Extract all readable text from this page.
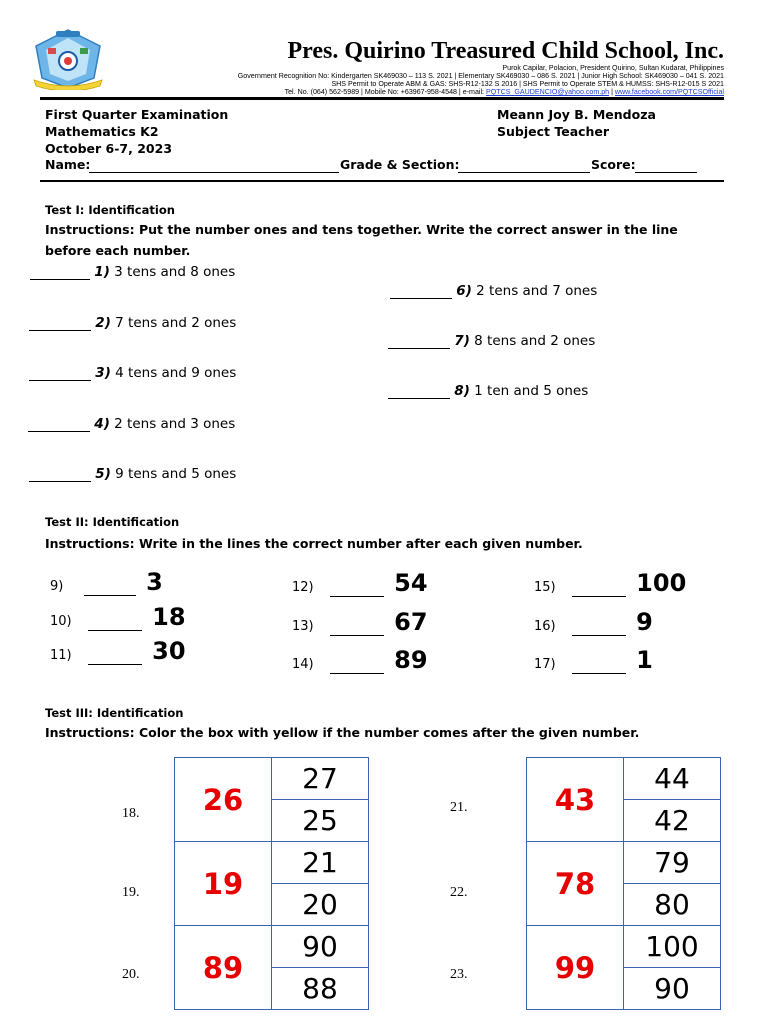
Pres. Quirino Treasured Child School, Inc.
Purok Capilar, Polacion, President Quirino, Sultan Kudarat, Philippines
Government Recognition No: Kindergarten SK469030 – 113 S. 2021 | Elementary SK469030 – 086 S. 2021 | Junior High School: SK469030 – 041 S. 2021
SHS Permit to Operate ABM & GAS: SHS-R12-132 S 2016 | SHS Permit to Operate STEM & HUMSS: SHS-R12-015 S 2021
Tel. No. (064) 562-5989 | Mobile No: +63967-958-4548 | e-mail: PQTCS_GAUDENCIO@yahoo.com.ph | www.facebook.com/PQTCSOfficial
First Quarter Examination
Mathematics K2
October 6-7, 2023
Meann Joy B. Mendoza
Subject Teacher
Name:	Grade & Section:	Score:
Test I: Identification
Instructions: Put the number ones and tens together. Write the correct answer in the line
before each number.
1) 3 tens and 8 ones
2) 7 tens and 2 ones
3) 4 tens and 9 ones
4) 2 tens and 3 ones
5) 9 tens and 5 ones
6) 2 tens and 7 ones
7) 8 tens and 2 ones
8) 1 ten and 5 ones
Test II: Identification
Instructions: Write in the lines the correct number after each given number.
9)	3
10)	18
11)	30
12)	54
13)	67
14)	89
15)	100
16)	9
17)	1
Test III: Identification
Instructions: Color the box with yellow if the number comes after the given number.
18.
19.
20.
26	27
	25
19	21
	20
89	90
	88
21.
22.
23.
43	44
	42
78	79
	80
99	100
	90
